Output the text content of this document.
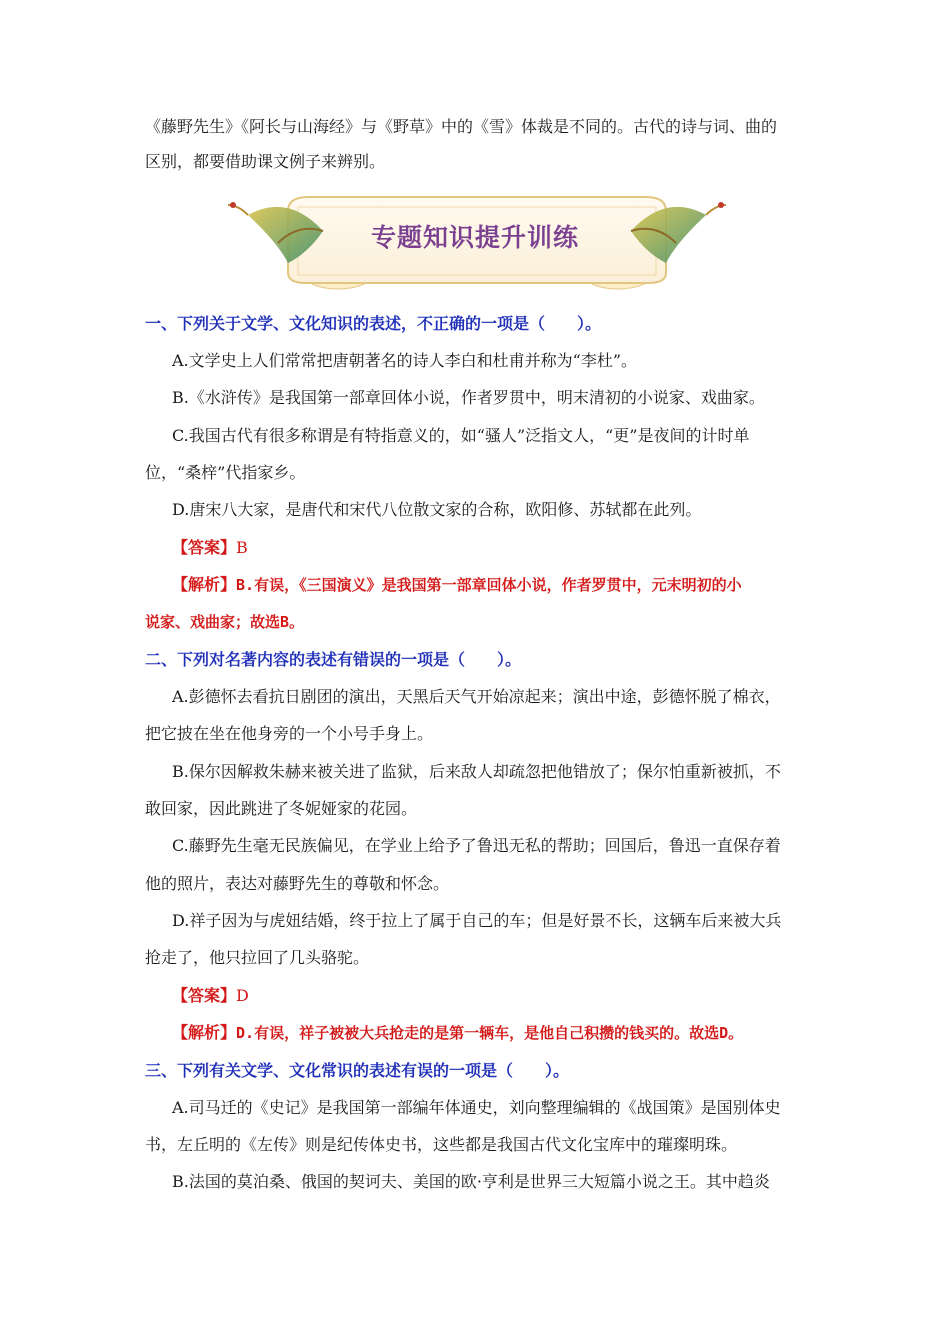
《藤野先生》《阿长与山海经》与《野草》中的《雪》体裁是不同的。古代的诗与词、曲的
区别，都要借助课文例子来辨别。
专题知识提升训练
一、下列关于文学、文化知识的表述，不正确的一项是（　　）。
A.文学史上人们常常把唐朝著名的诗人李白和杜甫并称为“李杜”。
B.《水浒传》是我国第一部章回体小说，作者罗贯中，明末清初的小说家、戏曲家。
C.我国古代有很多称谓是有特指意义的，如“骚人”泛指文人，“更”是夜间的计时单
位，“桑梓”代指家乡。
D.唐宋八大家，是唐代和宋代八位散文家的合称，欧阳修、苏轼都在此列。
【答案】B
【解析】B.有误，《三国演义》是我国第一部章回体小说，作者罗贯中，元末明初的小
说家、戏曲家；故选B。
二、下列对名著内容的表述有错误的一项是（　　）。
A.彭德怀去看抗日剧团的演出，天黑后天气开始凉起来；演出中途，彭德怀脱了棉衣，
把它披在坐在他身旁的一个小号手身上。
B.保尔因解救朱赫来被关进了监狱，后来敌人却疏忽把他错放了；保尔怕重新被抓，不
敢回家，因此跳进了冬妮娅家的花园。
C.藤野先生毫无民族偏见，在学业上给予了鲁迅无私的帮助；回国后，鲁迅一直保存着
他的照片，表达对藤野先生的尊敬和怀念。
D.祥子因为与虎妞结婚，终于拉上了属于自己的车；但是好景不长，这辆车后来被大兵
抢走了，他只拉回了几头骆驼。
【答案】D
【解析】D.有误，祥子被被大兵抢走的是第一辆车，是他自己积攒的钱买的。故选D。
三、下列有关文学、文化常识的表述有误的一项是（　　）。
A.司马迁的《史记》是我国第一部编年体通史，刘向整理编辑的《战国策》是国别体史
书，左丘明的《左传》则是纪传体史书，这些都是我国古代文化宝库中的璀璨明珠。
B.法国的莫泊桑、俄国的契诃夫、美国的欧·亨利是世界三大短篇小说之王。其中趋炎
